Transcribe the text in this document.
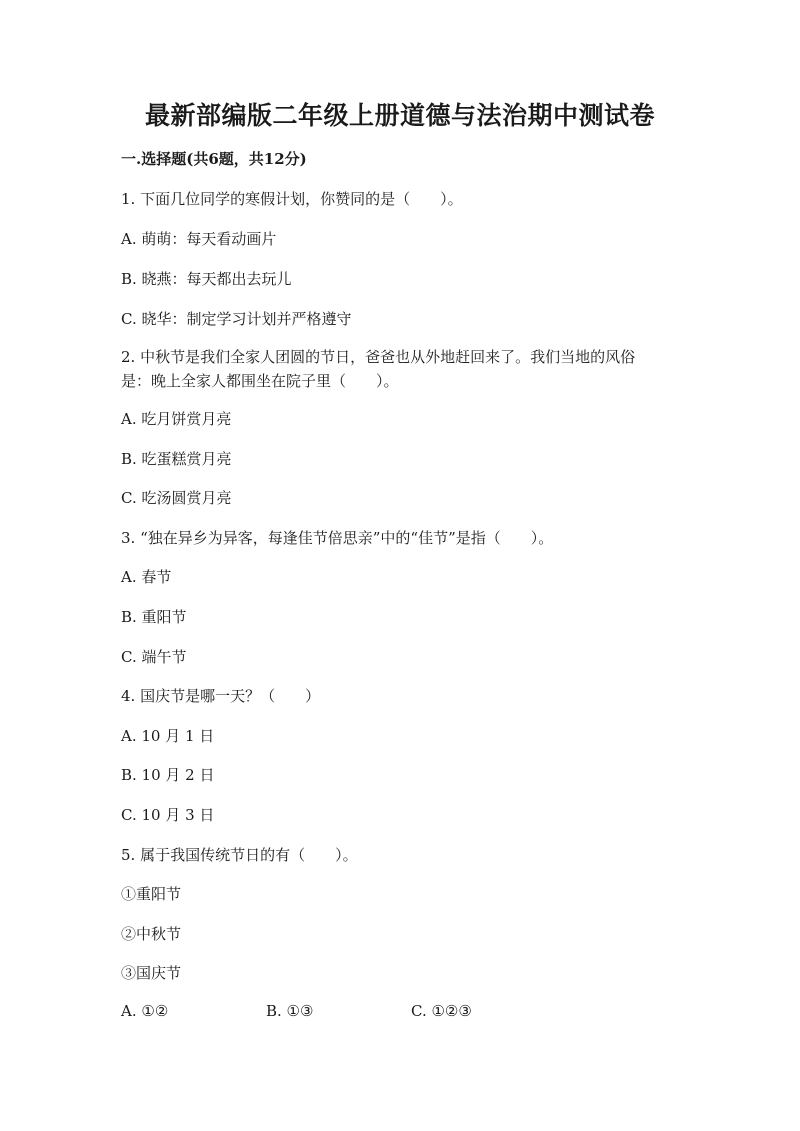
最新部编版二年级上册道德与法治期中测试卷
一.选择题(共6题，共12分)
1. 下面几位同学的寒假计划，你赞同的是（　　）。
A. 萌萌：每天看动画片
B. 晓燕：每天都出去玩儿
C. 晓华：制定学习计划并严格遵守
2. 中秋节是我们全家人团圆的节日，爸爸也从外地赶回来了。我们当地的风俗
是：晚上全家人都围坐在院子里（　　）。
A. 吃月饼赏月亮
B. 吃蛋糕赏月亮
C. 吃汤圆赏月亮
3. “独在异乡为异客，每逢佳节倍思亲”中的“佳节”是指（　　）。
A. 春节
B. 重阳节
C. 端午节
4. 国庆节是哪一天？（　　）
A. 10 月 1 日
B. 10 月 2 日
C. 10 月 3 日
5. 属于我国传统节日的有（　　）。
①重阳节
②中秋节
③国庆节
A. ①②	B. ①③	C. ①②③
